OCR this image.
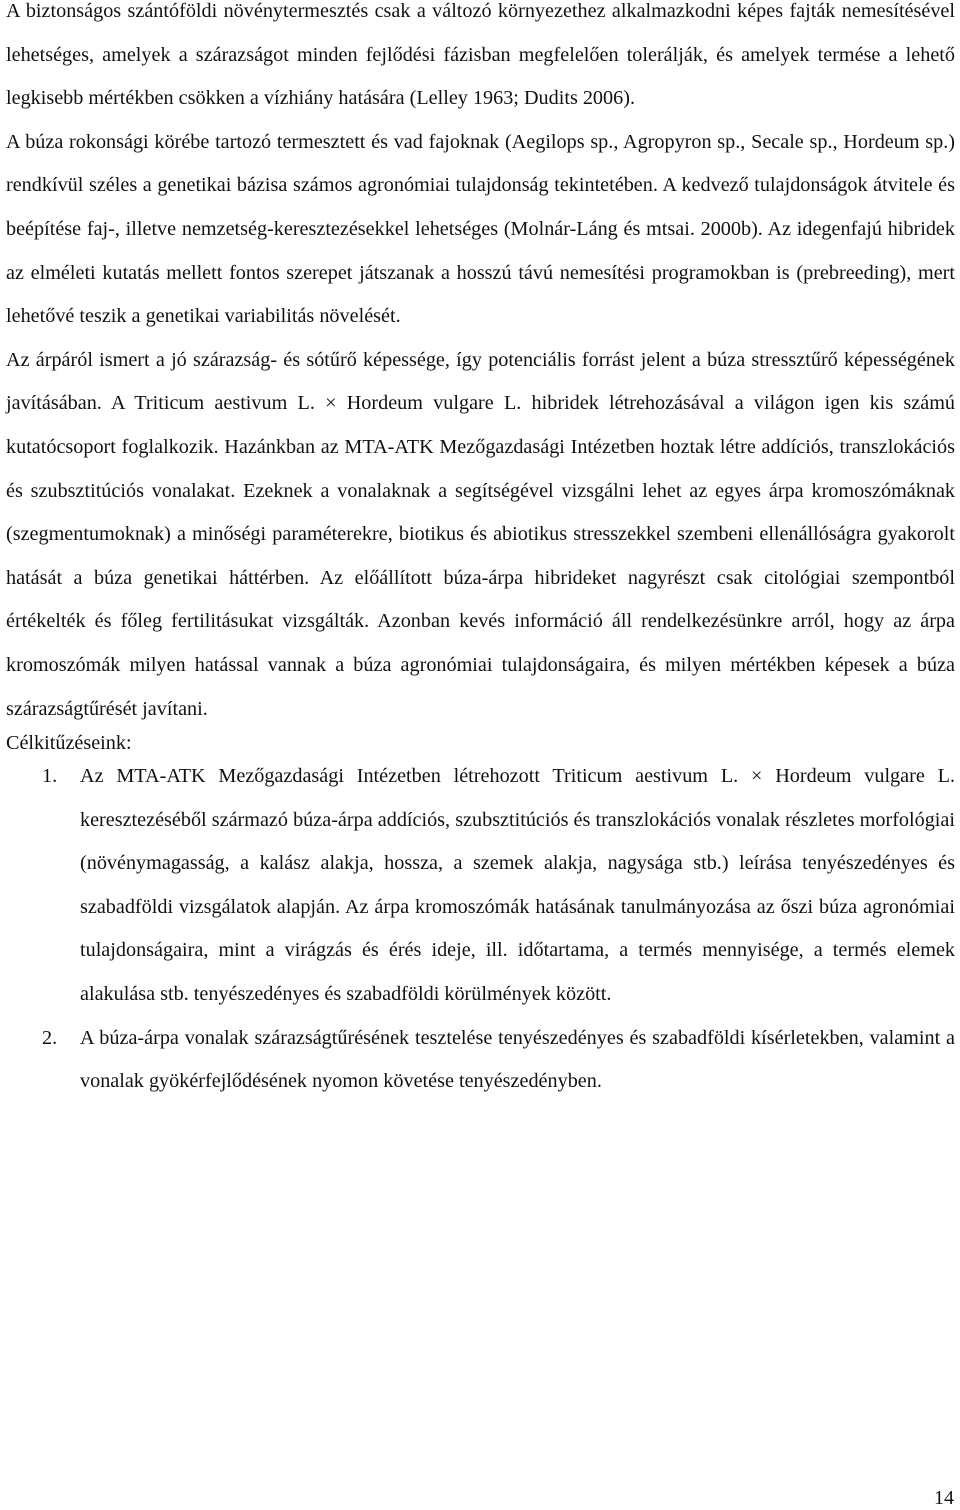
A biztonságos szántóföldi növénytermesztés csak a változó környezethez alkalmazkodni képes fajták nemesítésével lehetséges, amelyek a szárazságot minden fejlődési fázisban megfelelően tolerálják, és amelyek termése a lehető legkisebb mértékben csökken a vízhiány hatására (Lelley 1963; Dudits 2006).

A búza rokonsági körébe tartozó termesztett és vad fajoknak (Aegilops sp., Agropyron sp., Secale sp., Hordeum sp.) rendkívül széles a genetikai bázisa számos agronómiai tulajdonság tekintetében. A kedvező tulajdonságok átvitele és beépítése faj-, illetve nemzetség-keresztezésekkel lehetséges (Molnár-Láng és mtsai. 2000b). Az idegenfajú hibridek az elméleti kutatás mellett fontos szerepet játszanak a hosszú távú nemesítési programokban is (prebreeding), mert lehetővé teszik a genetikai variabilitás növelését.

Az árpáról ismert a jó szárazság- és sótűrő képessége, így potenciális forrást jelent a búza stressztűrő képességének javításában. A Triticum aestivum L. × Hordeum vulgare L. hibridek létrehozásával a világon igen kis számú kutatócsoport foglalkozik. Hazánkban az MTA-ATK Mezőgazdasági Intézetben hoztak létre addíciós, transzlokációs és szubsztitúciós vonalakat. Ezeknek a vonalaknak a segítségével vizsgálni lehet az egyes árpa kromoszómáknak (szegmentumoknak) a minőségi paraméterekre, biotikus és abiotikus stresszekkel szembeni ellenállóságra gyakorolt hatását a búza genetikai háttérben. Az előállított búza-árpa hibrideket nagyrészt csak citológiai szempontból értékelték és főleg fertilitásukat vizsgálták. Azonban kevés információ áll rendelkezésünkre arról, hogy az árpa kromoszómák milyen hatással vannak a búza agronómiai tulajdonságaira, és milyen mértékben képesek a búza szárazságtűrését javítani.

Célkitűzéseink:

1. Az MTA-ATK Mezőgazdasági Intézetben létrehozott Triticum aestivum L. × Hordeum vulgare L. keresztezéséből származó búza-árpa addíciós, szubsztitúciós és transzlokációs vonalak részletes morfológiai (növénymagasság, a kalász alakja, hossza, a szemek alakja, nagysága stb.) leírása tenyészedényes és szabadföldi vizsgálatok alapján. Az árpa kromoszómák hatásának tanulmányozása az őszi búza agronómiai tulajdonságaira, mint a virágzás és érés ideje, ill. időtartama, a termés mennyisége, a termés elemek alakulása stb. tenyészedényes és szabadföldi körülmények között.
2. A búza-árpa vonalak szárazságtűrésének tesztelése tenyészedényes és szabadföldi kísérletekben, valamint a vonalak gyökérfejlődésének nyomon követése tenyészedényben.
14
